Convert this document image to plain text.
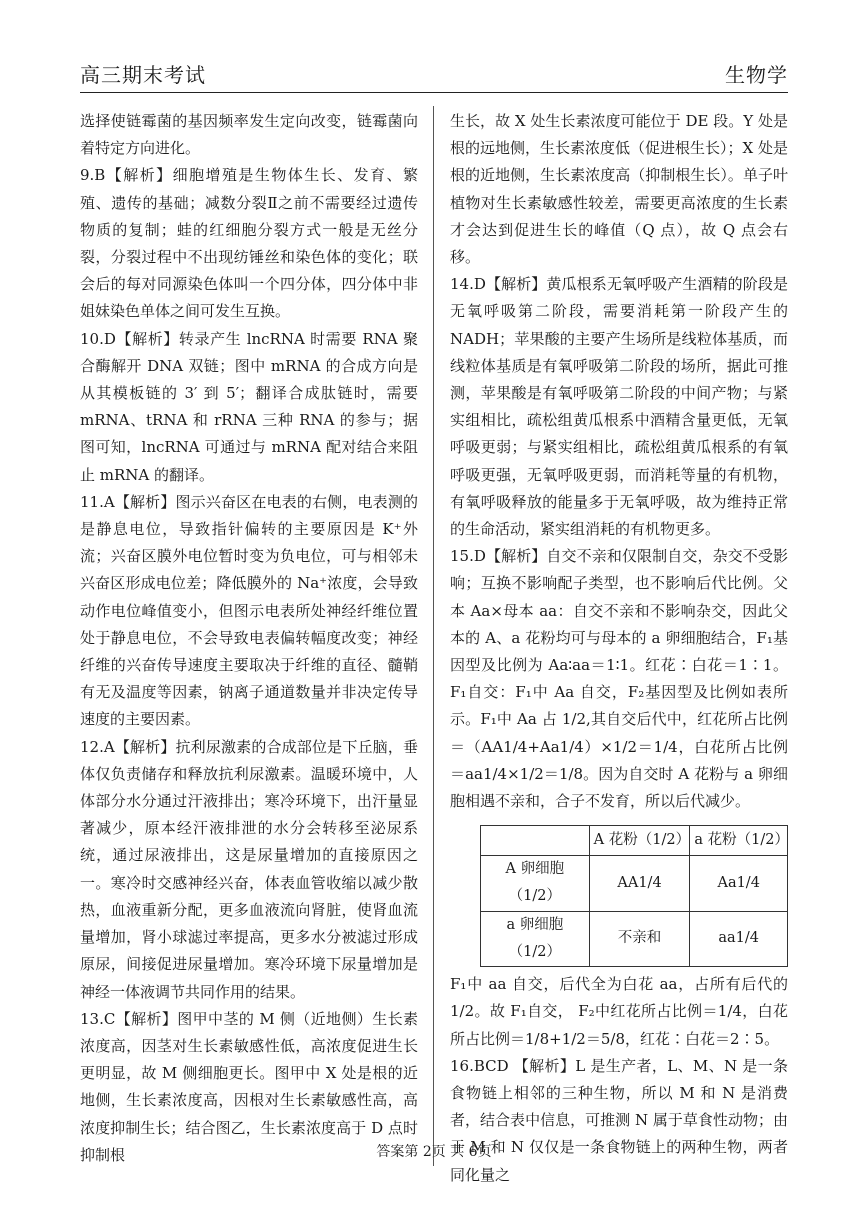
高三期末考试	生物学

选择使链霉菌的基因频率发生定向改变，链霉菌向着特定方向进化。

9.B【解析】细胞增殖是生物体生长、发育、繁殖、遗传的基础；减数分裂Ⅱ之前不需要经过遗传物质的复制；蛙的红细胞分裂方式一般是无丝分裂，分裂过程中不出现纺锤丝和染色体的变化；联会后的每对同源染色体叫一个四分体，四分体中非姐妹染色单体之间可发生互换。

10.D【解析】转录产生 lncRNA 时需要 RNA 聚合酶解开 DNA 双链；图中 mRNA 的合成方向是从其模板链的 3′ 到 5′；翻译合成肽链时，需要 mRNA、tRNA 和 rRNA 三种 RNA 的参与；据图可知，lncRNA 可通过与 mRNA 配对结合来阻止 mRNA 的翻译。

11.A【解析】图示兴奋区在电表的右侧，电表测的是静息电位，导致指针偏转的主要原因是 K⁺外流；兴奋区膜外电位暂时变为负电位，可与相邻未兴奋区形成电位差；降低膜外的 Na⁺浓度，会导致动作电位峰值变小，但图示电表所处神经纤维位置处于静息电位，不会导致电表偏转幅度改变；神经纤维的兴奋传导速度主要取决于纤维的直径、髓鞘有无及温度等因素，钠离子通道数量并非决定传导速度的主要因素。

12.A【解析】抗利尿激素的合成部位是下丘脑，垂体仅负责储存和释放抗利尿激素。温暖环境中，人体部分水分通过汗液排出；寒冷环境下，出汗量显著减少，原本经汗液排泄的水分会转移至泌尿系统，通过尿液排出，这是尿量增加的直接原因之一。寒冷时交感神经兴奋，体表血管收缩以减少散热，血液重新分配，更多血液流向肾脏，使肾血流量增加，肾小球滤过率提高，更多水分被滤过形成原尿，间接促进尿量增加。寒冷环境下尿量增加是神经一体液调节共同作用的结果。

13.C【解析】图甲中茎的 M 侧（近地侧）生长素浓度高，因茎对生长素敏感性低，高浓度促进生长更明显，故 M 侧细胞更长。图甲中 X 处是根的近地侧，生长素浓度高，因根对生长素敏感性高，高浓度抑制生长；结合图乙，生长素浓度高于 D 点时抑制根

生长，故 X 处生长素浓度可能位于 DE 段。Y 处是根的远地侧，生长素浓度低（促进根生长）；X 处是根的近地侧，生长素浓度高（抑制根生长）。单子叶植物对生长素敏感性较差，需要更高浓度的生长素才会达到促进生长的峰值（Q 点），故 Q 点会右移。

14.D【解析】黄瓜根系无氧呼吸产生酒精的阶段是无氧呼吸第二阶段，需要消耗第一阶段产生的 NADH；苹果酸的主要产生场所是线粒体基质，而线粒体基质是有氧呼吸第二阶段的场所，据此可推测，苹果酸是有氧呼吸第二阶段的中间产物；与紧实组相比，疏松组黄瓜根系中酒精含量更低，无氧呼吸更弱；与紧实组相比，疏松组黄瓜根系的有氧呼吸更强，无氧呼吸更弱，而消耗等量的有机物，有氧呼吸释放的能量多于无氧呼吸，故为维持正常的生命活动，紧实组消耗的有机物更多。

15.D【解析】自交不亲和仅限制自交，杂交不受影响；互换不影响配子类型，也不影响后代比例。父本 Aa×母本 aa：自交不亲和不影响杂交，因此父本的 A、a 花粉均可与母本的 a 卵细胞结合，F₁基因型及比例为 Aa∶aa＝1∶1。红花∶白花＝1∶1。F₁自交：F₁中 Aa 自交，F₂基因型及比例如表所示。F₁中 Aa 占 1/2,其自交后代中，红花所占比例＝（AA1/4+Aa1/4）×1/2＝1/4，白花所占比例＝aa1/4×1/2＝1/8。因为自交时 A 花粉与 a 卵细胞相遇不亲和，合子不发育，所以后代减少。

	A 花粉（1/2）	a 花粉（1/2）
A 卵细胞（1/2）	AA1/4	Aa1/4
a 卵细胞（1/2）	不亲和	aa1/4

F₁中 aa 自交，后代全为白花 aa，占所有后代的 1/2。故 F₁自交， F₂中红花所占比例＝1/4，白花所占比例＝1/8+1/2＝5/8，红花∶白花＝2∶5。

16.BCD 【解析】L 是生产者，L、M、N 是一条食物链上相邻的三种生物，所以 M 和 N 是消费者，结合表中信息，可推测 N 属于草食性动物；由于 M 和 N 仅仅是一条食物链上的两种生物，两者同化量之

答案第 2页 共 6页
